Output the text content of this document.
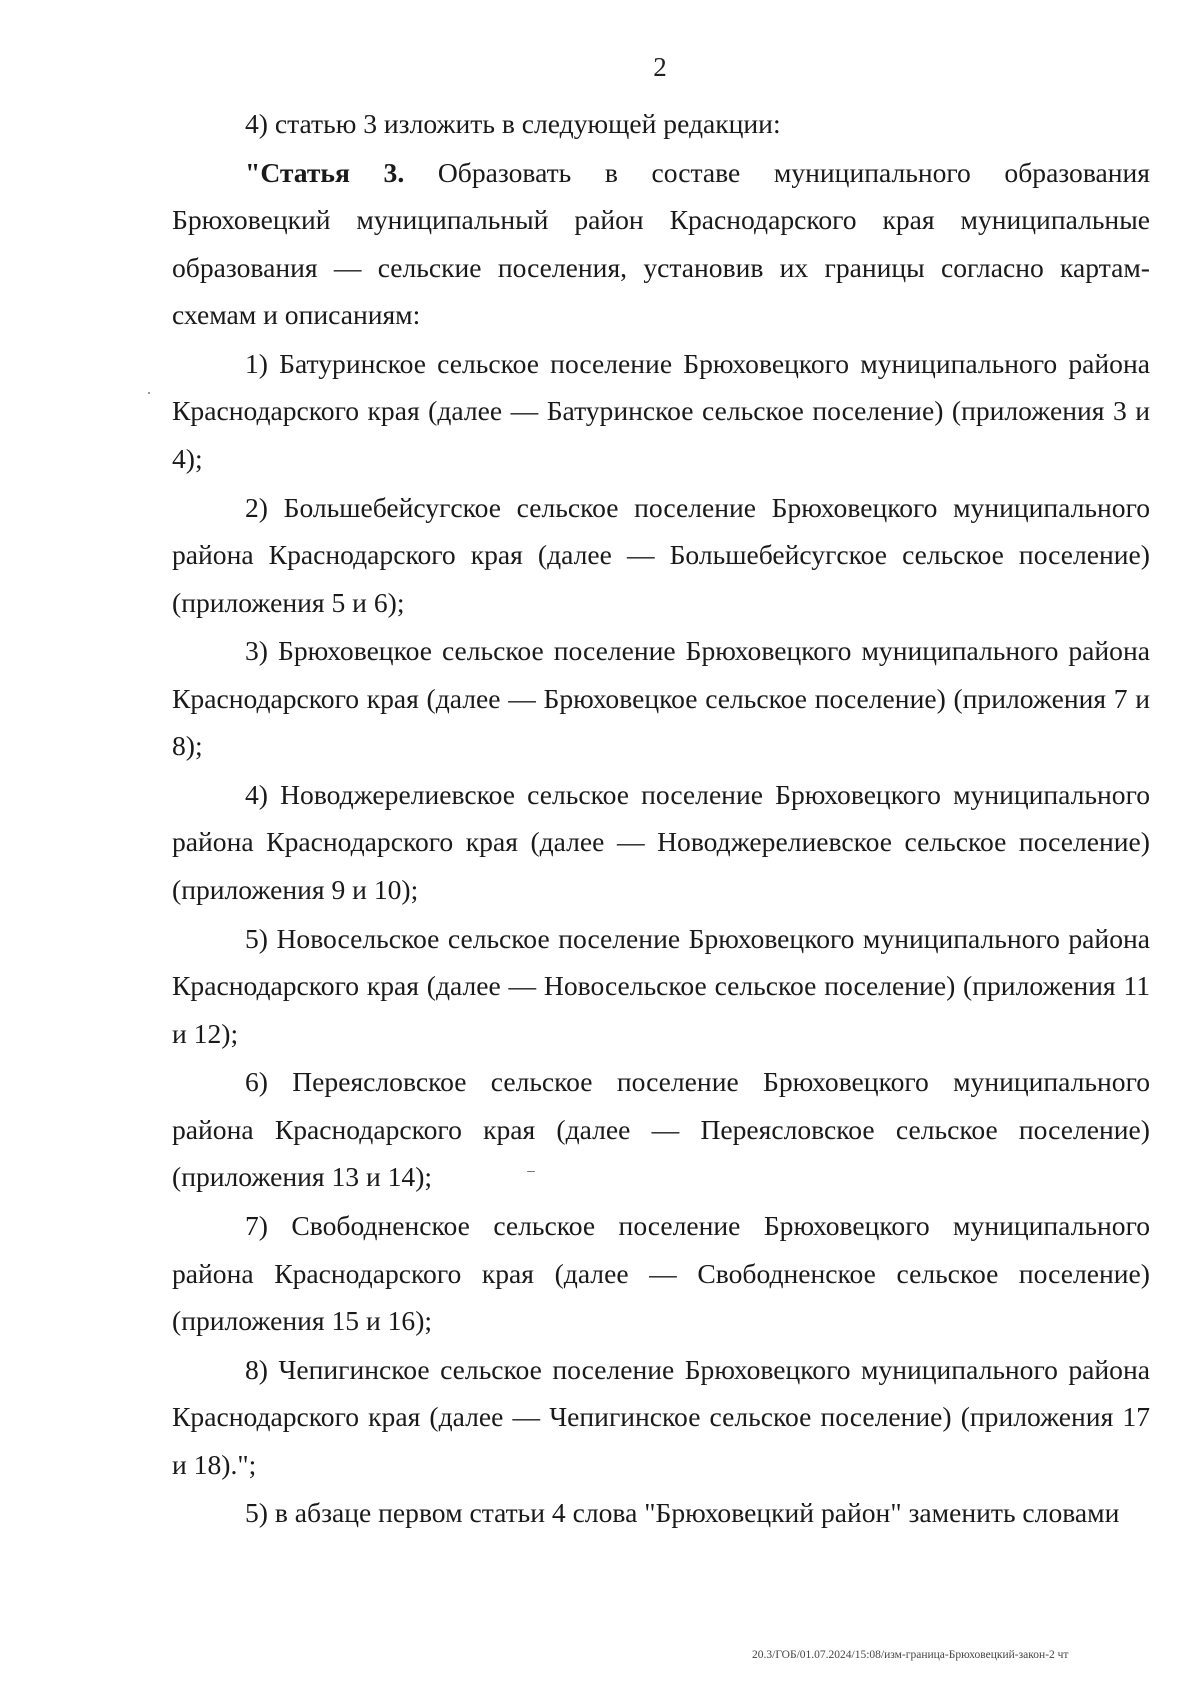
2

4) статью 3 изложить в следующей редакции:

"Статья 3. Образовать в составе муниципального образования Брюховецкий муниципальный район Краснодарского края муниципальные образования — сельские поселения, установив их границы согласно картам-схемам и описаниям:

1) Батуринское сельское поселение Брюховецкого муниципального района Краснодарского края (далее — Батуринское сельское поселение) (приложения 3 и 4);

2) Большебейсугское сельское поселение Брюховецкого муниципального района Краснодарского края (далее — Большебейсугское сельское поселение) (приложения 5 и 6);

3) Брюховецкое сельское поселение Брюховецкого муниципального района Краснодарского края (далее — Брюховецкое сельское поселение) (приложения 7 и 8);

4) Новоджерелиевское сельское поселение Брюховецкого муниципального района Краснодарского края (далее — Новоджерелиевское сельское поселение) (приложения 9 и 10);

5) Новосельское сельское поселение Брюховецкого муниципального района Краснодарского края (далее — Новосельское сельское поселение) (приложения 11 и 12);

6) Переясловское сельское поселение Брюховецкого муниципального района Краснодарского края (далее — Переясловское сельское поселение) (приложения 13 и 14);

7) Свободненское сельское поселение Брюховецкого муниципального района Краснодарского края (далее — Свободненское сельское поселение) (приложения 15 и 16);

8) Чепигинское сельское поселение Брюховецкого муниципального района Краснодарского края (далее — Чепигинское сельское поселение) (приложения 17 и 18).";

5) в абзаце первом статьи 4 слова "Брюховецкий район" заменить словами

20.3/ГОБ/01.07.2024/15:08/изм-граница-Брюховецкий-закон-2 чт
